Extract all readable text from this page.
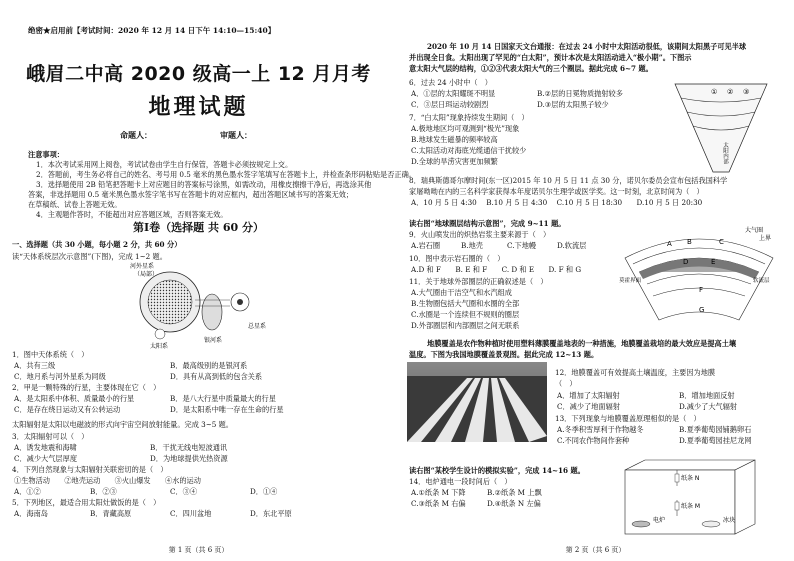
绝密★启用前【考试时间：2020 年 12 月 14 日下午 14:10—15:40】
峨眉二中高 2020 级高一上 12 月月考
地理试题
命题人：	审题人：
注意事项：
1．本次考试采用网上阅卷，考试试卷由学生自行保管，答题卡必须按规定上交。
2．答题前，考生务必将自己的姓名、考号用 0.5 毫米的黑色墨水签字笔填写在答题卡上，并检查条形码粘贴是否正确。
3．选择题使用 2B 铅笔把答题卡上对应题目的答案标号涂黑，如需改动，用橡皮擦擦干净后，再选涂其他
答案，非选择题用 0.5 毫米黑色墨水签字笔书写在答题卡的对应框内，超出答题区域书写的答案无效；
在草稿纸、试卷上答题无效。
4．主观题作答时，不能超出对应答题区域，否则答案无效。
第Ⅰ卷（选择题 共 60 分）
一、选择题（共 30 小题，每小题 2 分，共 60 分）
读“天体系统层次示意图”(下图)，完成 1~2 题。
河外星系
（局部）
总星系
银河系
太阳系
1．图中天体系统（　）
A．共有三级	B．最高级别的是银河系
C．地月系与河外星系为同级	D．具有从高到低的包含关系
2．甲是一颗特殊的行星，主要体现在它（　）
A．是太阳系中体积、质量最小的行星	B．是八大行星中质量最大的行星
C．是存在绕日运动又有公转运动	D．是太阳系中唯一存在生命的行星
太阳辐射是太阳以电磁波的形式向宇宙空间放射能量。完成 3~5 题。
3．太阳辐射可以（　）
A．诱发地震和海啸	B．干扰无线电短波通讯
C．减少大气层厚度	D．为地球提供光热资源
4．下列自然现象与太阳辐射关联密切的是（　）
①生物活动　　②地壳运动　　③火山爆发　　④水的运动
A．①②	B．②③	C．③④	D．①④
5．下列地区，最适合用太阳灶做饭的是（　）
A．海南岛	B．青藏高原	C．四川盆地	D．东北平原
第 1 页（共 6 页）
2020 年 10 月 14 日国家天文台通报：在过去 24 小时中太阳活动很低，该期间太阳黑子可见半球
并出现全日食。太阳出现了罕见的“白太阳”，预计本次是太阳活动进入“极小期”。下图示
意太阳大气层的结构，①②③代表太阳大气的三个圈层。据此完成 6~7 题。
6．过去 24 小时中（　）
A．①层的太阳耀斑不明显	B.②层的日冕物质抛射较多
C．③层日珥运动较剧烈	D.③层的太阳黑子较少
7．“白太阳”现象持续发生期间（　）
A.极地地区均可观测到“极光”现象
B.地球发生磁暴的频率较高
C.太阳活动对海底光缆通信干扰较少
D.全球的旱涝灾害更加频繁
① ② ③
太阳内部
8．瑞典斯德哥尔摩时间(东一区)2015 年 10 月 5 日 11 点 30 分，诺贝尔委员会宣布包括我国科学
家屠呦呦在内的三名科学家获得本年度诺贝尔生理学或医学奖。这一时刻，北京时间为（　）
A．10 月 5 日 4:30　 B.10 月 5 日 4:30　 C.10 月 5 日 18:30　　D.10 月 5 日 20:30
读右图“地球圈层结构示意图”，完成 9~11 题。
9．火山喷发出的炽热岩浆主要来源于（　）
A.岩石圈	B.地壳	C.下地幔	D.软流层
10．图中表示岩石圈的（　）
A.D 和 F　　B. E 和 F　　C. D 和 E　　D. F 和 G
11．关于地球外部圈层的正确叙述是（　）
A.大气圈由干洁空气和水汽组成
B.生物圈包括大气圈和水圈的全部
C.水圈是一个连续但不规则的圈层
D.外部圈层和内部圈层之间无联系
大气圈
上界
A B	C
D	E
F
G
莫霍界面	软流层
地膜覆盖是农作物种植时使用塑料薄膜覆盖地表的一种措施，地膜覆盖栽培的最大效应是提高土壤
温度。下图为我国地膜覆盖景观图。据此完成 12~13 题。
12．地膜覆盖可有效提高土壤温度，主要因为地膜
（　）
A．增加了太阳辐射	B．增加地面反射
C．减少了地面辐射	D.减少了大气辐射
13．下列现象与地膜覆盖原理相似的是（　）
A.冬季积雪厚利于作物越冬	B.夏季葡萄园铺鹅卵石
C.不同农作物间作套种	D.夏季葡萄园挂尼龙网
读右图“某校学生设计的模拟实验”，完成 14~16 题。
14．电炉通电一段时间后（　）
A.①纸条 M 下降	B.②纸条 M 上飘
C.③纸条 M 右偏	D.④纸条 N 左偏
纸条 N
纸条 M
电炉	冰块
第 2 页（共 6 页）
